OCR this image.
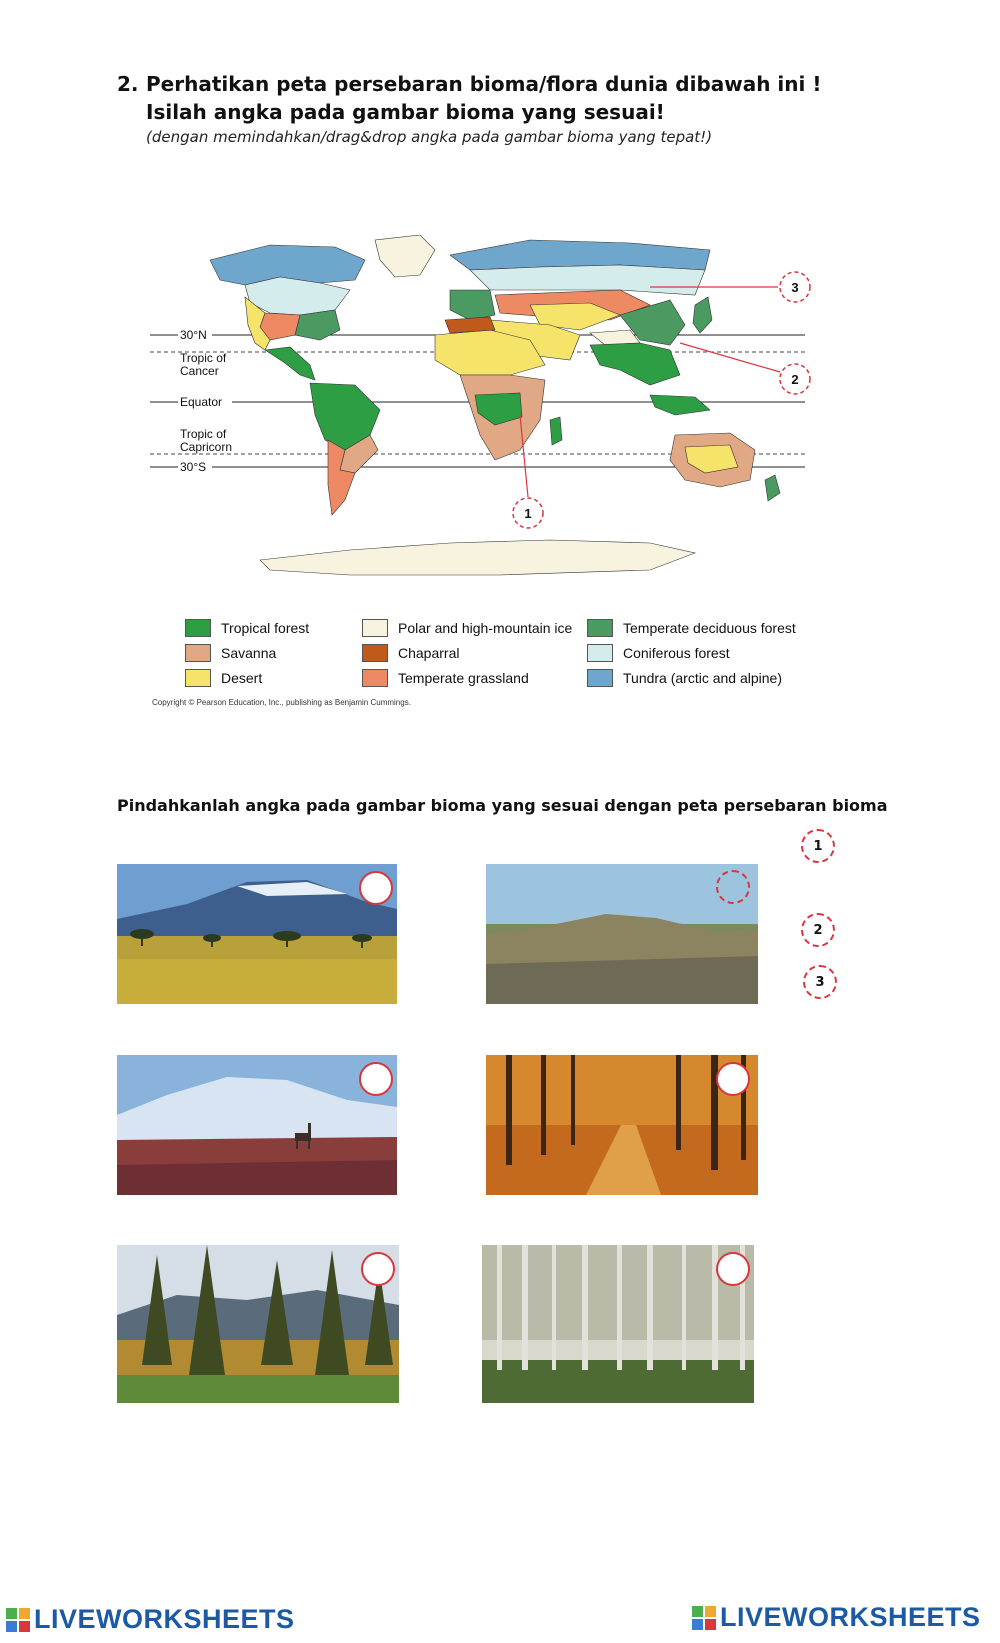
2. Perhatikan peta persebaran bioma/flora dunia dibawah ini !
Isilah angka pada gambar bioma yang sesuai!
(dengan memindahkan/drag&drop angka pada gambar bioma yang tepat!)
30°N
Tropic of
Cancer
Equator
Tropic of
Capricorn
30°S
1
2
3
Tropical forest
Savanna
Desert
Polar and high-mountain ice
Chaparral
Temperate grassland
Temperate deciduous forest
Coniferous forest
Tundra (arctic and alpine)
Copyright © Pearson Education, Inc., publishing as Benjamin Cummings.
Pindahkanlah angka pada gambar bioma yang sesuai dengan peta persebaran bioma
1
2
3
LIVEWORKSHEETS	LIVEWORKSHEETS
